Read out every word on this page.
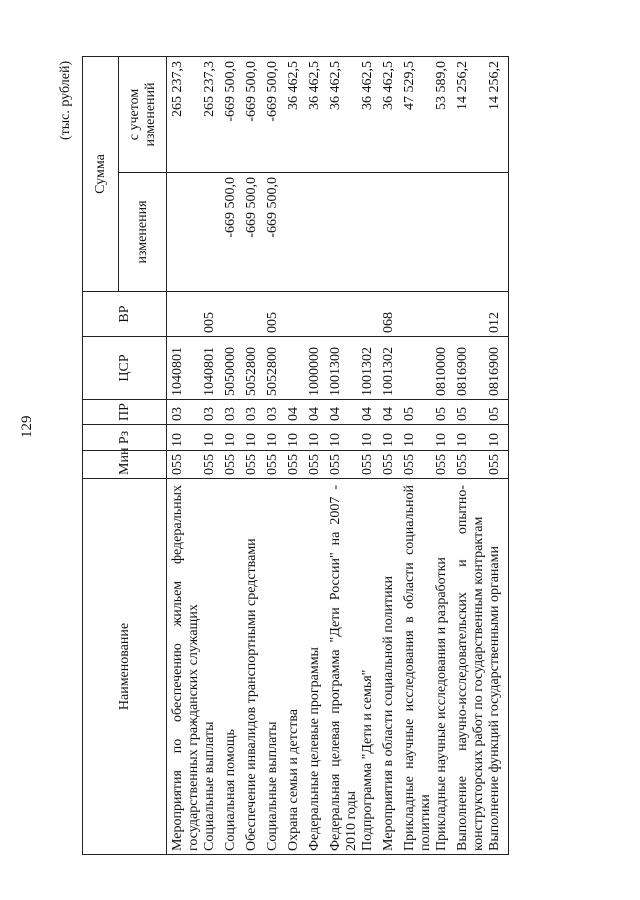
129
(тыс. рублей)
Наименование	Мин	Рз	ПР	ЦСР	ВР	Сумма	
						изменения	с учетом изменений
Мероприятия по обеспечению жильем федеральных государственных гражданских служащих	055	10	03	1040801			265 237,3
Социальные выплаты	055	10	03	1040801	005		265 237,3
Социальная помощь	055	10	03	5050000		-669 500,0	-669 500,0
Обеспечение инвалидов транспортными средствами	055	10	03	5052800		-669 500,0	-669 500,0
Социальные выплаты	055	10	03	5052800	005	-669 500,0	-669 500,0
Охрана семьи и детства	055	10	04				36 462,5
Федеральные целевые программы	055	10	04	1000000			36 462,5
Федеральная целевая программа "Дети России" на 2007 - 2010 годы	055	10	04	1001300			36 462,5
Подпрограмма "Дети и семья"	055	10	04	1001302			36 462,5
Мероприятия в области социальной политики	055	10	04	1001302	068		36 462,5
Прикладные научные исследования в области социальной политики	055	10	05				47 529,5
Прикладные научные исследования и разработки	055	10	05	0810000			53 589,0
Выполнение научно-исследовательских и опытно-конструкторских работ по государственным контрактам	055	10	05	0816900			14 256,2
Выполнение функций государственными органами	055	10	05	0816900	012		14 256,2
